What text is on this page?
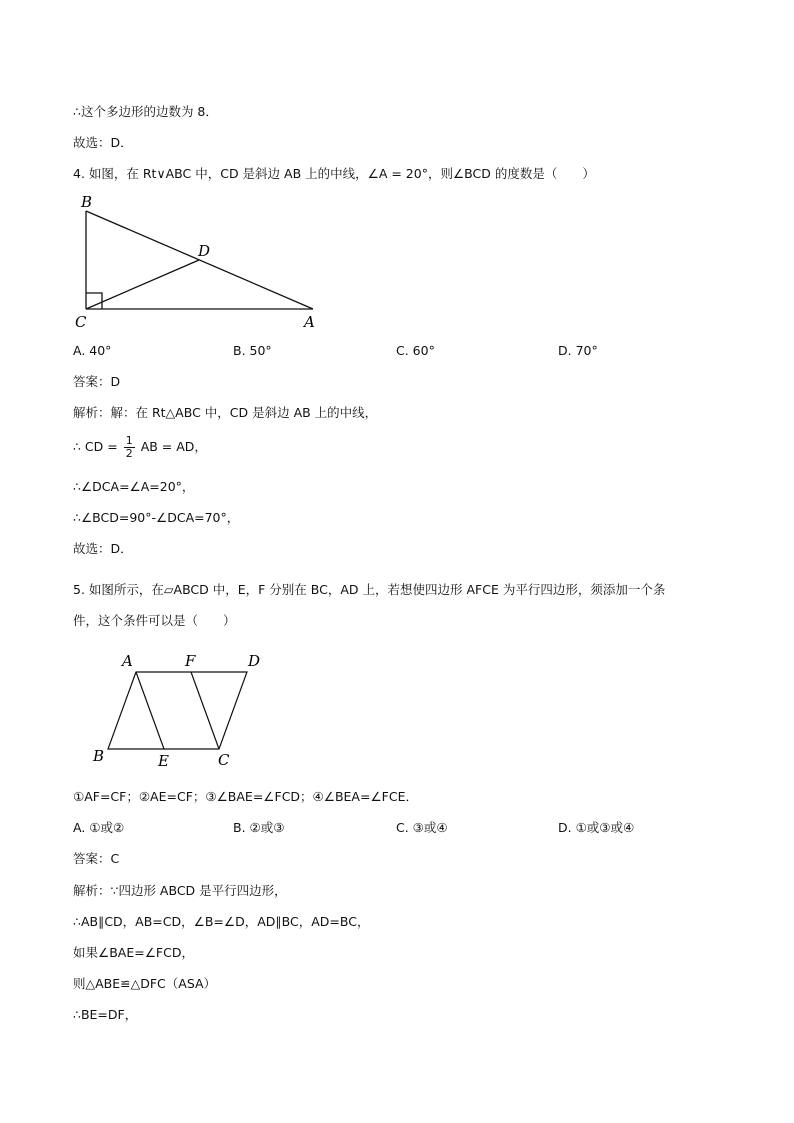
∴这个多边形的边数为 8．
故选：D．
4. 如图，在 Rt∨ABC 中，CD 是斜边 AB 上的中线，∠A = 20°，则∠BCD 的度数是（　　）
B
D
C	A
A. 40°	B. 50°	C. 60°	D. 70°
答案：D
解析：解：在 Rt△ABC 中，CD 是斜边 AB 上的中线，
∴ CD = $\frac{1}{2}$ AB = AD，
∴∠DCA=∠A=20°，
∴∠BCD=90°-∠DCA=70°，
故选：D．
5. 如图所示，在▱ABCD 中，E，F 分别在 BC，AD 上，若想使四边形 AFCE 为平行四边形，须添加一个条
件，这个条件可以是（　　）
A	F	D
B	E	C
①AF=CF；②AE=CF；③∠BAE=∠FCD；④∠BEA=∠FCE．
A. ①或②	B. ②或③	C. ③或④	D. ①或③或④
答案：C
解析：∵四边形 ABCD 是平行四边形，
∴AB∥CD，AB=CD，∠B=∠D，AD∥BC，AD=BC，
如果∠BAE=∠FCD，
则△ABE≌△DFC（ASA）
∴BE=DF，
